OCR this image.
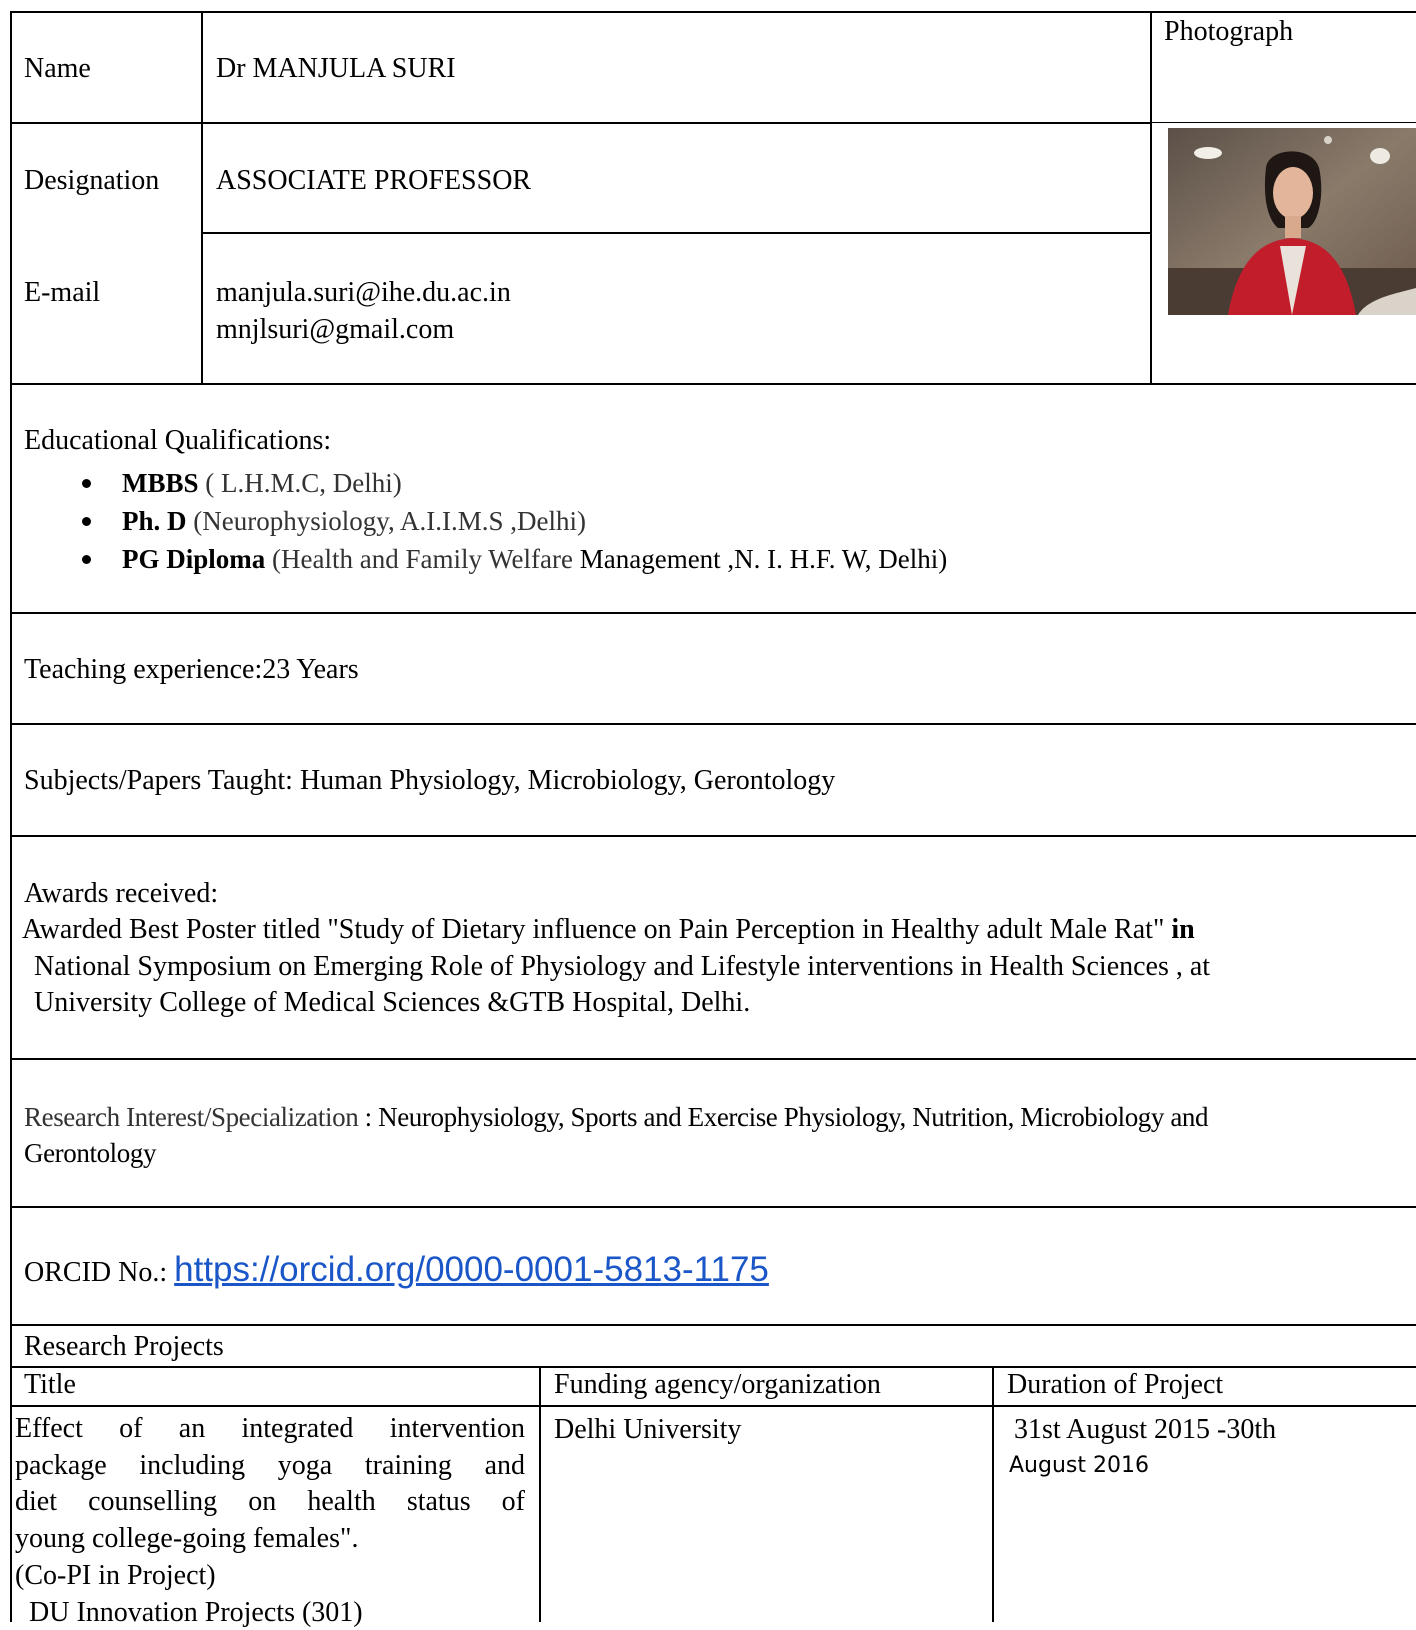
Name	Dr MANJULA SURI
Photograph
Designation ASSOCIATE PROFESSOR
E-mail	manjula.suri@ihe.du.ac.in
mnjlsuri@gmail.com
Educational Qualifications:
MBBS ( L.H.M.C, Delhi)
Ph. D (Neurophysiology, A.I.I.M.S ,Delhi)
PG Diploma (Health and Family Welfare Management ,N. I. H.F. W, Delhi)
Teaching experience:23 Years
Subjects/Papers Taught: Human Physiology, Microbiology, Gerontology
Awards received:
Awarded Best Poster titled "Study of Dietary influence on Pain Perception in Healthy adult Male Rat" in
National Symposium on Emerging Role of Physiology and Lifestyle interventions in Health Sciences , at
University College of Medical Sciences &GTB Hospital, Delhi.
Research Interest/Specialization : Neurophysiology, Sports and Exercise Physiology, Nutrition, Microbiology and
Gerontology
ORCID No.: https://orcid.org/0000-0001-5813-1175
Research Projects
Title	Funding agency/organization	Duration of Project
Effect of an integrated intervention
package including yoga training and
diet counselling on health status of
young college-going females".
(Co-PI in Project)
DU Innovation Projects (301)
Delhi University	31st August 2015 -30th
August 2016
